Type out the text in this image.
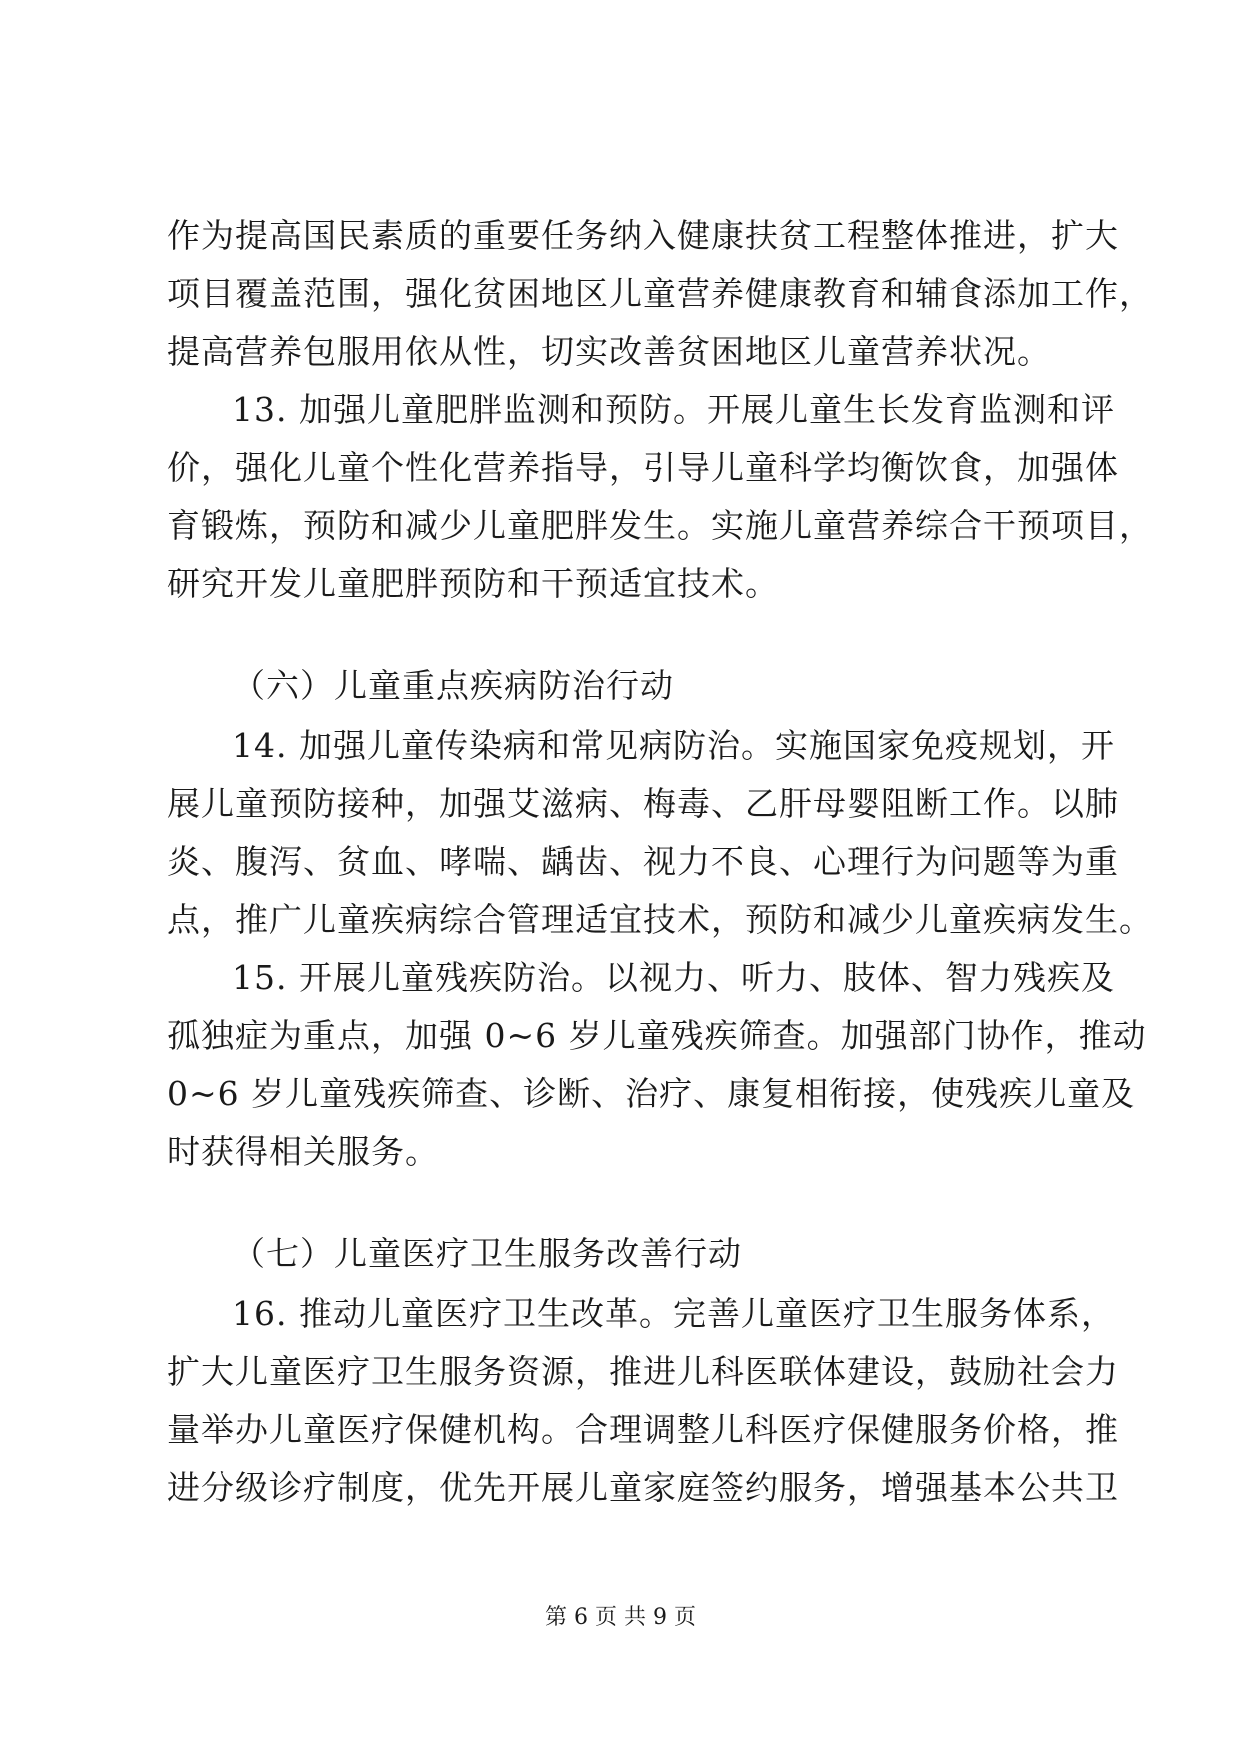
作为提高国民素质的重要任务纳入健康扶贫工程整体推进，扩大
项目覆盖范围，强化贫困地区儿童营养健康教育和辅食添加工作，
提高营养包服用依从性，切实改善贫困地区儿童营养状况。
13. 加强儿童肥胖监测和预防。开展儿童生长发育监测和评
价，强化儿童个性化营养指导，引导儿童科学均衡饮食，加强体
育锻炼，预防和减少儿童肥胖发生。实施儿童营养综合干预项目，
研究开发儿童肥胖预防和干预适宜技术。
（六）儿童重点疾病防治行动
14. 加强儿童传染病和常见病防治。实施国家免疫规划，开
展儿童预防接种，加强艾滋病、梅毒、乙肝母婴阻断工作。以肺
炎、腹泻、贫血、哮喘、龋齿、视力不良、心理行为问题等为重
点，推广儿童疾病综合管理适宜技术，预防和减少儿童疾病发生。
15. 开展儿童残疾防治。以视力、听力、肢体、智力残疾及
孤独症为重点，加强 0~6 岁儿童残疾筛查。加强部门协作，推动
0~6 岁儿童残疾筛查、诊断、治疗、康复相衔接，使残疾儿童及
时获得相关服务。
（七）儿童医疗卫生服务改善行动
16. 推动儿童医疗卫生改革。完善儿童医疗卫生服务体系，
扩大儿童医疗卫生服务资源，推进儿科医联体建设，鼓励社会力
量举办儿童医疗保健机构。合理调整儿科医疗保健服务价格，推
进分级诊疗制度，优先开展儿童家庭签约服务，增强基本公共卫
第 6 页 共 9 页
